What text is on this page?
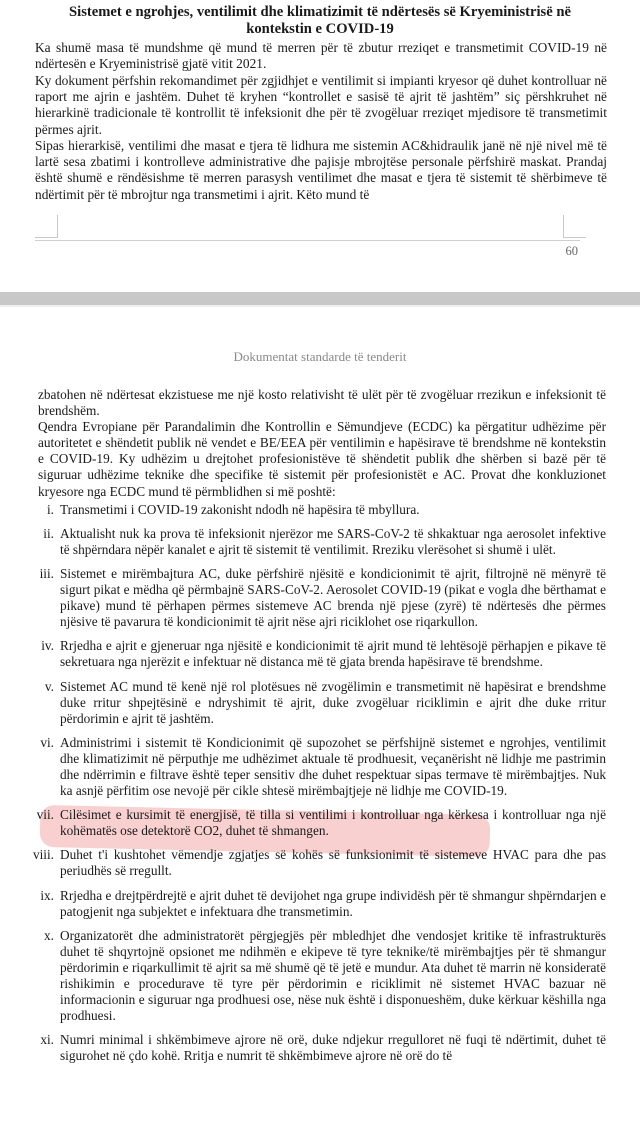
Sistemet e ngrohjes, ventilimit dhe klimatizimit të ndërtesës së Kryeministrisë në kontekstin e COVID-19
Ka shumë masa të mundshme që mund të merren për të zbutur rreziqet e transmetimit COVID-19 në ndërtesën e Kryeministrisë gjatë vitit 2021.
Ky dokument përfshin rekomandimet për zgjidhjet e ventilimit si impianti kryesor që duhet kontrolluar në raport me ajrin e jashtëm. Duhet të kryhen “kontrollet e sasisë të ajrit të jashtëm” siç përshkruhet në hierarkinë tradicionale të kontrollit të infeksionit dhe për të zvogëluar rreziqet mjedisore të transmetimit përmes ajrit.
Sipas hierarkisë, ventilimi dhe masat e tjera të lidhura me sistemin AC&hidraulik janë në një nivel më të lartë sesa zbatimi i kontrolleve administrative dhe pajisje mbrojtëse personale përfshirë maskat. Prandaj është shumë e rëndësishme të merren parasysh ventilimet dhe masat e tjera të sistemit të shërbimeve të ndërtimit për të mbrojtur nga transmetimi i ajrit. Këto mund të
60
Dokumentat standarde të tenderit

zbatohen në ndërtesat ekzistuese me një kosto relativisht të ulët për të zvogëluar rrezikun e infeksionit të brendshëm.

Qendra Evropiane për Parandalimin dhe Kontrollin e Sëmundjeve (ECDC) ka përgatitur udhëzime për autoritetet e shëndetit publik në vendet e BE/EEA për ventilimin e hapësirave të brendshme në kontekstin e COVID-19. Ky udhëzim u drejtohet profesionistëve të shëndetit publik dhe shërben si bazë për të siguruar udhëzime teknike dhe specifike të sistemit për profesionistët e AC. Provat dhe konkluzionet kryesore nga ECDC mund të përmblidhen si më poshtë:

i. Transmetimi i COVID-19 zakonisht ndodh në hapësira të mbyllura.
ii. Aktualisht nuk ka prova të infeksionit njerëzor me SARS-CoV-2 të shkaktuar nga aerosolet infektive të shpërndara nëpër kanalet e ajrit të sistemit të ventilimit. Rreziku vlerësohet si shumë i ulët.
iii. Sistemet e mirëmbajtura AC, duke përfshirë njësitë e kondicionimit të ajrit, filtrojnë në mënyrë të sigurt pikat e mëdha që përmbajnë SARS-CoV-2. Aerosolet COVID-19 (pikat e vogla dhe bërthamat e pikave) mund të përhapen përmes sistemeve AC brenda një pjese (zyrë) të ndërtesës dhe përmes njësive të pavarura të kondicionimit të ajrit nëse ajri riciklohet ose riqarkullon.
iv. Rrjedha e ajrit e gjeneruar nga njësitë e kondicionimit të ajrit mund të lehtësojë përhapjen e pikave të sekretuara nga njerëzit e infektuar në distanca më të gjata brenda hapësirave të brendshme.
v. Sistemet AC mund të kenë një rol plotësues në zvogëlimin e transmetimit në hapësirat e brendshme duke rritur shpejtësinë e ndryshimit të ajrit, duke zvogëluar riciklimin e ajrit dhe duke rritur përdorimin e ajrit të jashtëm.
vi. Administrimi i sistemit të Kondicionimit që supozohet se përfshijnë sistemet e ngrohjes, ventilimit dhe klimatizimit në përputhje me udhëzimet aktuale të prodhuesit, veçanërisht në lidhje me pastrimin dhe ndërrimin e filtrave është teper sensitiv dhe duhet respektuar sipas termave të mirëmbajtjes. Nuk ka asnjë përfitim ose nevojë për cikle shtesë mirëmbajtjeje në lidhje me COVID-19.
vii. Cilësimet e kursimit të energjisë, të tilla si ventilimi i kontrolluar nga kërkesa i kontrolluar nga një kohëmatës ose detektorë CO2, duhet të shmangen.
viii. Duhet t'i kushtohet vëmendje zgjatjes së kohës së funksionimit të sistemeve HVAC para dhe pas periudhës së rregullt.
ix. Rrjedha e drejtpërdrejtë e ajrit duhet të devijohet nga grupe individësh për të shmangur shpërndarjen e patogjenit nga subjektet e infektuara dhe transmetimin.
x. Organizatorët dhe administratorët përgjegjës për mbledhjet dhe vendosjet kritike të infrastrukturës duhet të shqyrtojnë opsionet me ndihmën e ekipeve të tyre teknike/të mirëmbajtjes për të shmangur përdorimin e riqarkullimit të ajrit sa më shumë që të jetë e mundur. Ata duhet të marrin në konsideratë rishikimin e procedurave të tyre për përdorimin e riciklimit në sistemet HVAC bazuar në informacionin e siguruar nga prodhuesi ose, nëse nuk është i disponueshëm, duke kërkuar këshilla nga prodhuesi.
xi. Numri minimal i shkëmbimeve ajrore në orë, duke ndjekur rregulloret në fuqi të ndërtimit, duhet të sigurohet në çdo kohë. Rritja e numrit të shkëmbimeve ajrore në orë do të
